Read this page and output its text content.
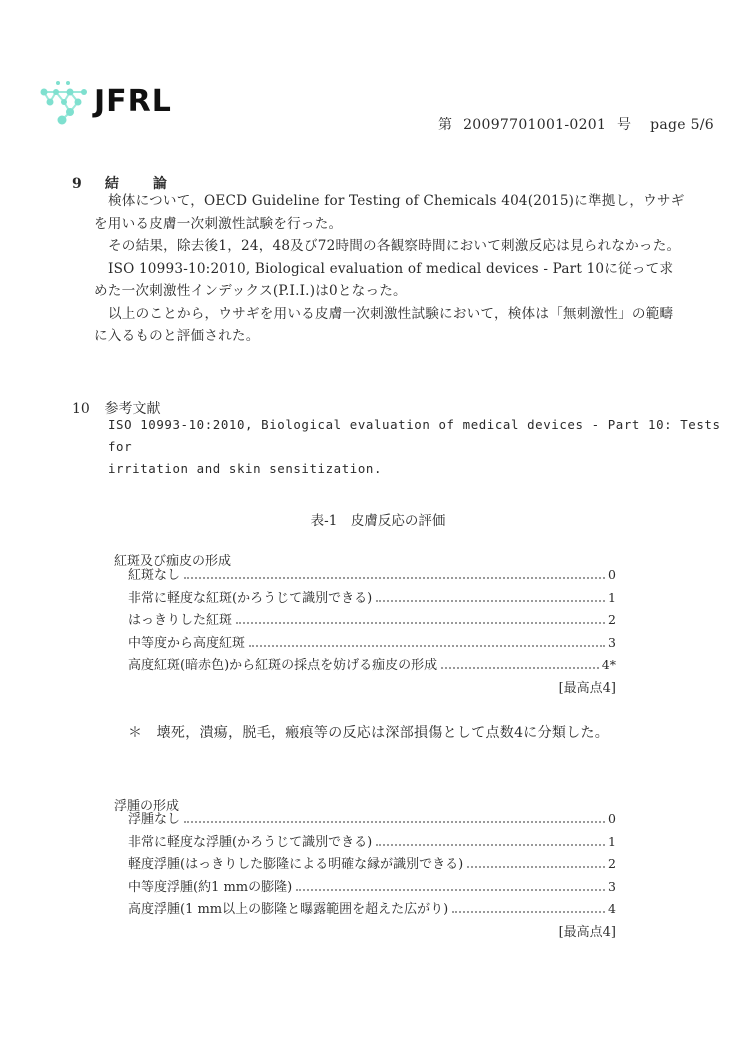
JFRL
第 20097701001-0201 号 page 5/6
9 結　　論
検体について，OECD Guideline for Testing of Chemicals 404(2015)に準拠し，ウサギ
を用いる皮膚一次刺激性試験を行った。
その結果，除去後1，24，48及び72時間の各観察時間において刺激反応は見られなかった。
ISO 10993-10:2010, Biological evaluation of medical devices - Part 10に従って求
めた一次刺激性インデックス(P.I.I.)は0となった。
以上のことから，ウサギを用いる皮膚一次刺激性試験において，検体は「無刺激性」の範疇
に入るものと評価された。
10 参考文献
ISO 10993-10:2010, Biological evaluation of medical devices - Part 10: Tests for
irritation and skin sensitization.
表-1　皮膚反応の評価
紅斑及び痂皮の形成
紅斑なし	0
非常に軽度な紅斑(かろうじて識別できる)	1
はっきりした紅斑	2
中等度から高度紅斑	3
高度紅斑(暗赤色)から紅斑の採点を妨げる痂皮の形成	4*
[最高点4]
＊　壊死，潰瘍，脱毛，瘢痕等の反応は深部損傷として点数4に分類した。
浮腫の形成
浮腫なし	0
非常に軽度な浮腫(かろうじて識別できる)	1
軽度浮腫(はっきりした膨隆による明確な縁が識別できる)	2
中等度浮腫(約1 mmの膨隆)	3
高度浮腫(1 mm以上の膨隆と曝露範囲を超えた広がり)	4
[最高点4]
